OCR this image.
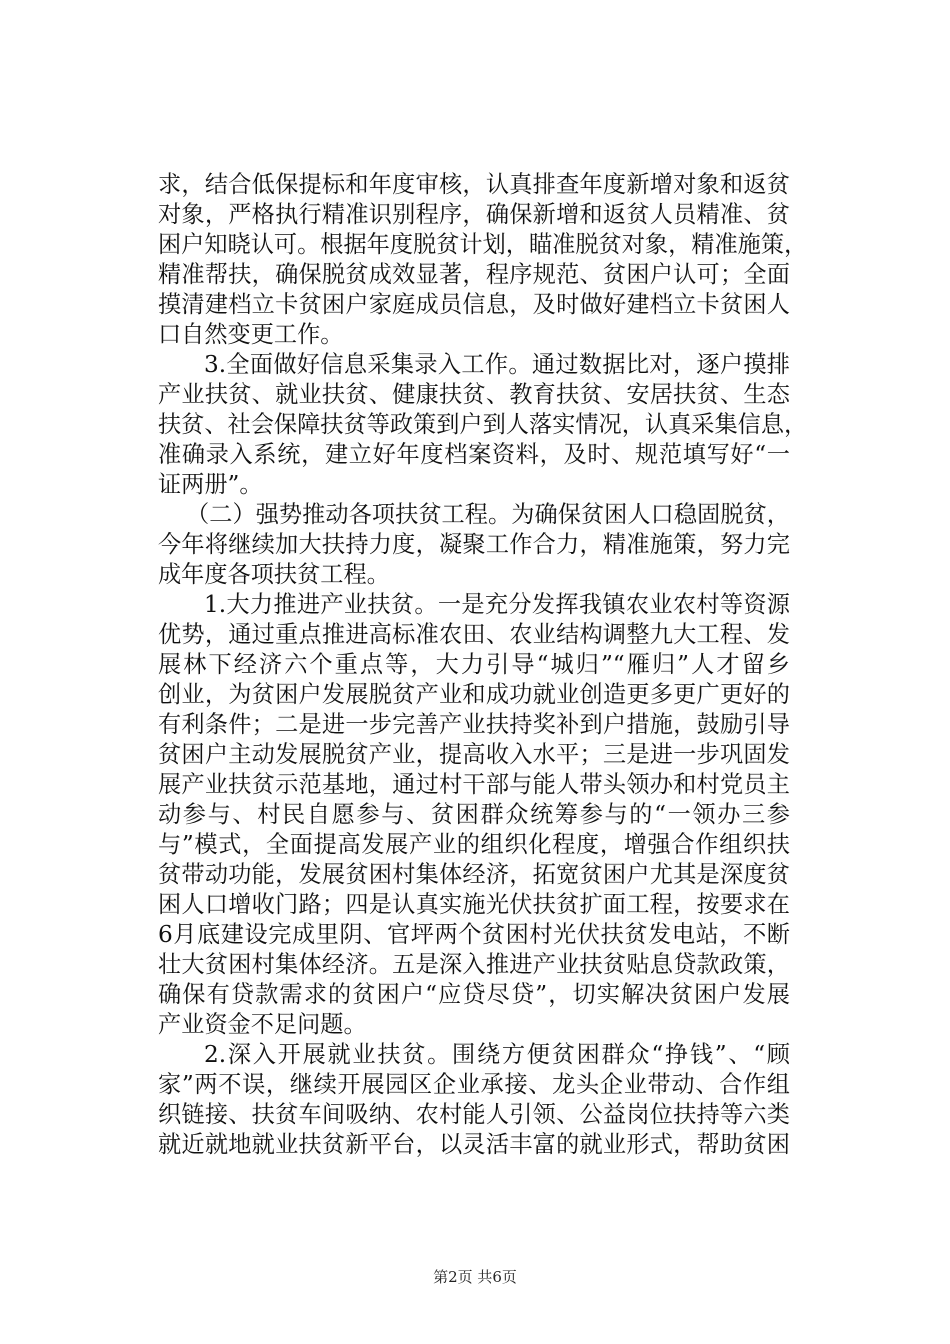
求，结合低保提标和年度审核，认真排查年度新增对象和返贫
对象，严格执行精准识别程序，确保新增和返贫人员精准、贫
困户知晓认可。根据年度脱贫计划，瞄准脱贫对象，精准施策，
精准帮扶，确保脱贫成效显著，程序规范、贫困户认可；全面
摸清建档立卡贫困户家庭成员信息，及时做好建档立卡贫困人
口自然变更工作。
3.全面做好信息采集录入工作。通过数据比对，逐户摸排
产业扶贫、就业扶贫、健康扶贫、教育扶贫、安居扶贫、生态
扶贫、社会保障扶贫等政策到户到人落实情况，认真采集信息，
准确录入系统，建立好年度档案资料，及时、规范填写好“一
证两册”。
（二）强势推动各项扶贫工程。为确保贫困人口稳固脱贫，
今年将继续加大扶持力度，凝聚工作合力，精准施策，努力完
成年度各项扶贫工程。
1.大力推进产业扶贫。一是充分发挥我镇农业农村等资源
优势，通过重点推进高标准农田、农业结构调整九大工程、发
展林下经济六个重点等，大力引导“城归”“雁归”人才留乡
创业，为贫困户发展脱贫产业和成功就业创造更多更广更好的
有利条件；二是进一步完善产业扶持奖补到户措施，鼓励引导
贫困户主动发展脱贫产业，提高收入水平；三是进一步巩固发
展产业扶贫示范基地，通过村干部与能人带头领办和村党员主
动参与、村民自愿参与、贫困群众统筹参与的“一领办三参
与”模式，全面提高发展产业的组织化程度，增强合作组织扶
贫带动功能，发展贫困村集体经济，拓宽贫困户尤其是深度贫
困人口增收门路；四是认真实施光伏扶贫扩面工程，按要求在
6月底建设完成里阴、官坪两个贫困村光伏扶贫发电站，不断
壮大贫困村集体经济。五是深入推进产业扶贫贴息贷款政策，
确保有贷款需求的贫困户“应贷尽贷”，切实解决贫困户发展
产业资金不足问题。
2.深入开展就业扶贫。围绕方便贫困群众“挣钱”、“顾
家”两不误，继续开展园区企业承接、龙头企业带动、合作组
织链接、扶贫车间吸纳、农村能人引领、公益岗位扶持等六类
就近就地就业扶贫新平台，以灵活丰富的就业形式，帮助贫困
第2页 共6页
